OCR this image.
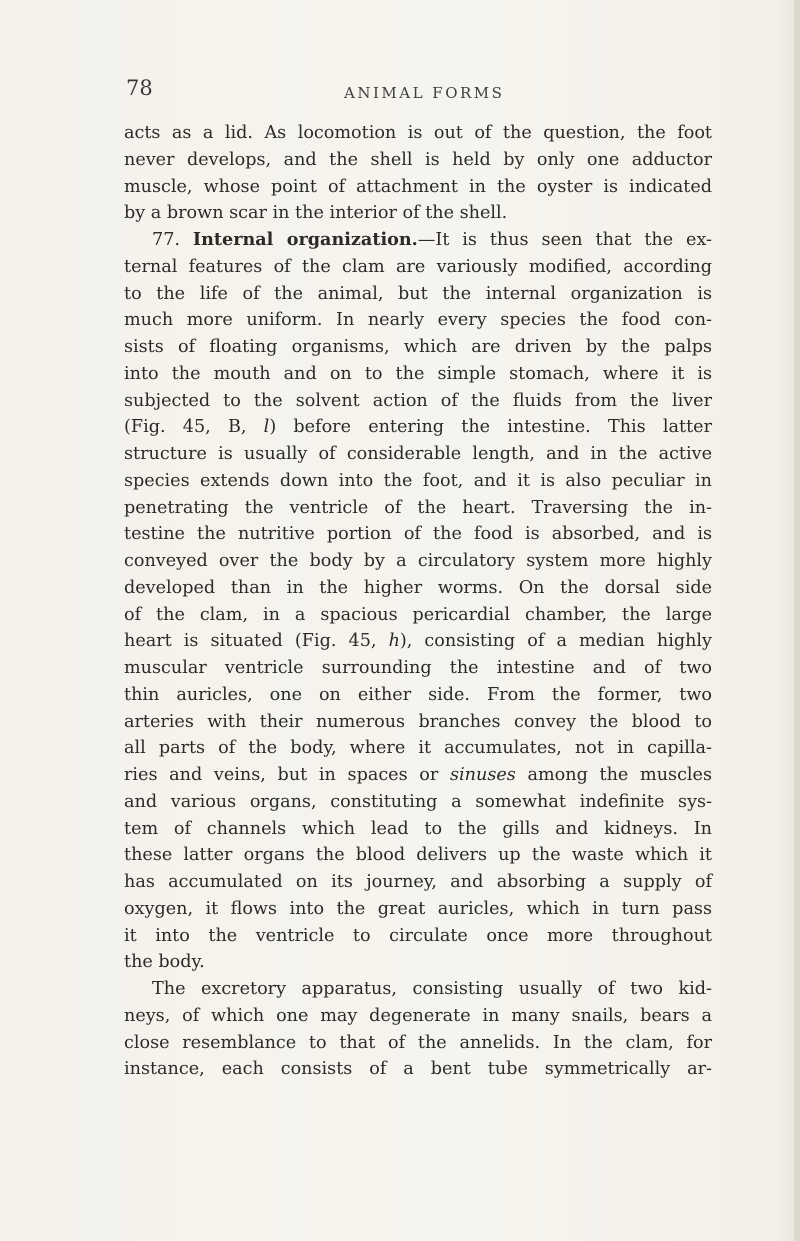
78	ANIMAL FORMS

acts as a lid. As locomotion is out of the question, the foot
never develops, and the shell is held by only one adductor
muscle, whose point of attachment in the oyster is indicated
by a brown scar in the interior of the shell.

77. Internal organization.—It is thus seen that the ex-
ternal features of the clam are variously modified, according
to the life of the animal, but the internal organization is
much more uniform. In nearly every species the food con-
sists of floating organisms, which are driven by the palps
into the mouth and on to the simple stomach, where it is
subjected to the solvent action of the fluids from the liver
(Fig. 45, B, l) before entering the intestine. This latter
structure is usually of considerable length, and in the active
species extends down into the foot, and it is also peculiar in
penetrating the ventricle of the heart. Traversing the in-
testine the nutritive portion of the food is absorbed, and is
conveyed over the body by a circulatory system more highly
developed than in the higher worms. On the dorsal side
of the clam, in a spacious pericardial chamber, the large
heart is situated (Fig. 45, h), consisting of a median highly
muscular ventricle surrounding the intestine and of two
thin auricles, one on either side. From the former, two
arteries with their numerous branches convey the blood to
all parts of the body, where it accumulates, not in capilla-
ries and veins, but in spaces or sinuses among the muscles
and various organs, constituting a somewhat indefinite sys-
tem of channels which lead to the gills and kidneys. In
these latter organs the blood delivers up the waste which it
has accumulated on its journey, and absorbing a supply of
oxygen, it flows into the great auricles, which in turn pass
it into the ventricle to circulate once more throughout
the body.

The excretory apparatus, consisting usually of two kid-
neys, of which one may degenerate in many snails, bears a
close resemblance to that of the annelids. In the clam, for
instance, each consists of a bent tube symmetrically ar-
